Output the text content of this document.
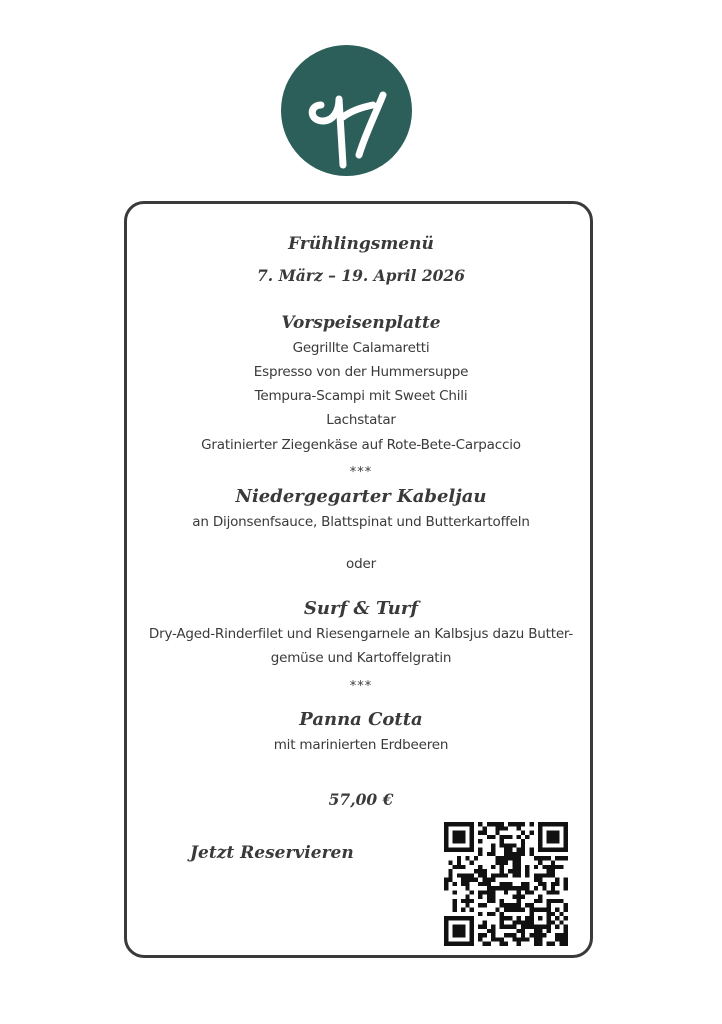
Frühlingsmenü
7. März – 19. April 2026
Vorspeisenplatte
Gegrillte Calamaretti
Espresso von der Hummersuppe
Tempura-Scampi mit Sweet Chili
Lachstatar
Gratinierter Ziegenkäse auf Rote-Bete-Carpaccio
***
Niedergegarter Kabeljau
an Dijonsenfsauce, Blattspinat und Butterkartoffeln
oder
Surf & Turf
Dry-Aged-Rinderfilet und Riesengarnele an Kalbsjus dazu Butter-
gemüse und Kartoffelgratin
***
Panna Cotta
mit marinierten Erdbeeren
57,00 €
Jetzt Reservieren
